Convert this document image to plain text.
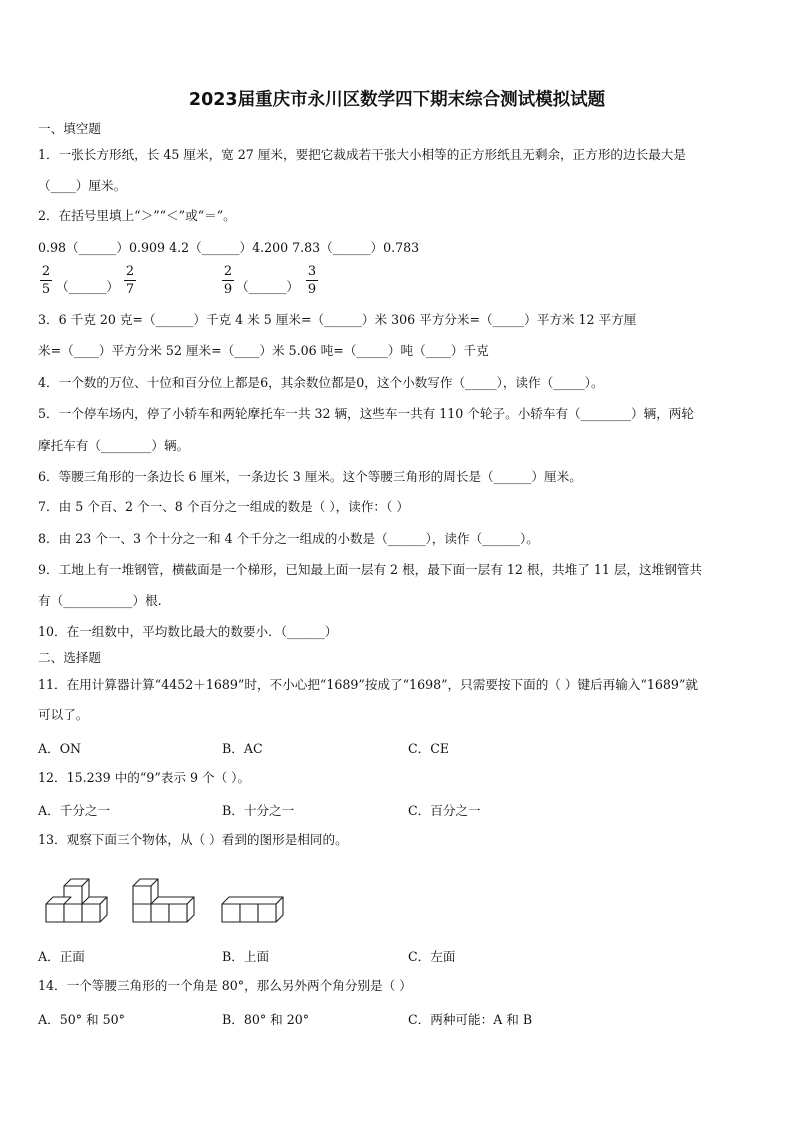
2023届重庆市永川区数学四下期末综合测试模拟试题
一、填空题
1．一张长方形纸，长 45 厘米，宽 27 厘米，要把它裁成若干张大小相等的正方形纸且无剩余，正方形的边长最大是
（____）厘米。
2．在括号里填上“＞”“＜”或“＝”。
0.98（______）0.909 4.2（______）4.200 7.83（______）0.783
2
5 （______）
2
7
2
9 （______）
3
9
3．6 千克 20 克=（______）千克 4 米 5 厘米=（______）米 306 平方分米=（_____）平方米 12 平方厘
米=（____）平方分米 52 厘米=（____）米 5.06 吨=（_____）吨（____）千克
4．一个数的万位、十位和百分位上都是6，其余数位都是0，这个小数写作（_____），读作（_____）。
5．一个停车场内，停了小轿车和两轮摩托车一共 32 辆，这些车一共有 110 个轮子。小轿车有（________）辆，两轮
摩托车有（________）辆。
6．等腰三角形的一条边长 6 厘米，一条边长 3 厘米。这个等腰三角形的周长是（______）厘米。
7．由 5 个百、2 个一、8 个百分之一组成的数是（ ），读作：（ ）
8．由 23 个一、3 个十分之一和 4 个千分之一组成的小数是（______），读作（______）。
9．工地上有一堆钢管，横截面是一个梯形，已知最上面一层有 2 根，最下面一层有 12 根，共堆了 11 层，这堆钢管共
有（___________）根.
10．在一组数中，平均数比最大的数要小．（______）
二、选择题
11．在用计算器计算“4452＋1689”时，不小心把“1689”按成了“1698”，只需要按下面的（ ）键后再输入“1689”就
可以了。
A．ON	B．AC	C．CE
12．15.239 中的“9”表示 9 个（ ）。
A．千分之一	B．十分之一	C．百分之一
13．观察下面三个物体，从（ ）看到的图形是相同的。
A．正面	B．上面	C．左面
14．一个等腰三角形的一个角是 80°，那么另外两个角分别是（ ）
A．50° 和 50°	B．80° 和 20°	C．两种可能：A 和 B
